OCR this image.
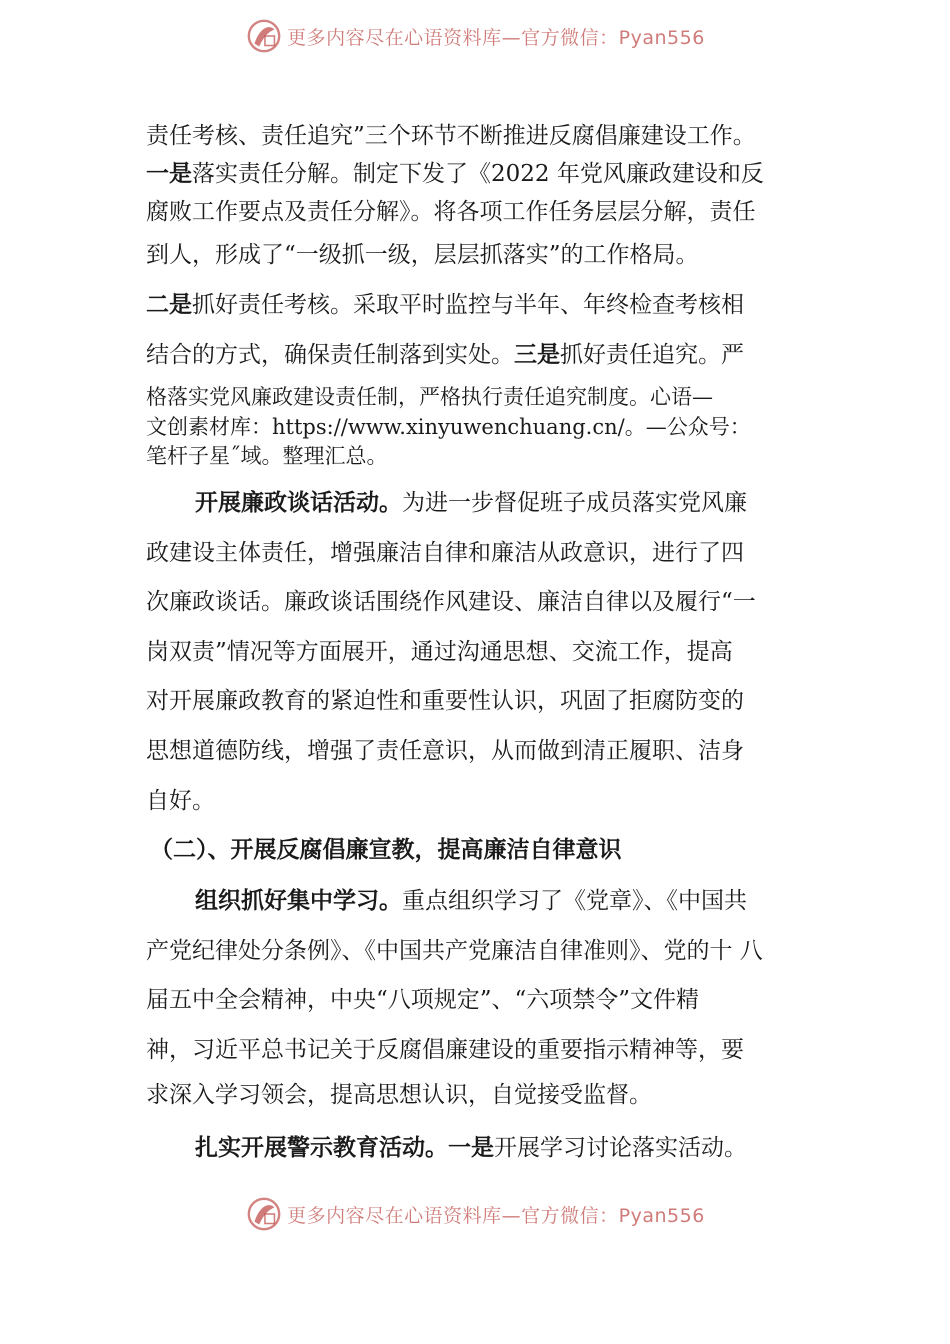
更多内容尽在心语资料库—官方微信：Pyan556
责任考核、责任追究”三个环节不断推进反腐倡廉建设工作。
一是落实责任分解。制定下发了《2022 年党风廉政建设和反
腐败工作要点及责任分解》。将各项工作任务层层分解，责任
到人，形成了“一级抓一级，层层抓落实”的工作格局。
二是抓好责任考核。采取平时监控与半年、年终检查考核相
结合的方式，确保责任制落到实处。三是抓好责任追究。严
格落实党风廉政建设责任制，严格执行责任追究制度。心语—
文创素材库：https://www.xinyuwenchuang.cn/。—公众号：
笔杆子星˝域。整理汇总。
开展廉政谈话活动。为进一步督促班子成员落实党风廉
政建设主体责任，增强廉洁自律和廉洁从政意识，进行了四
次廉政谈话。廉政谈话围绕作风建设、廉洁自律以及履行“一
岗双责”情况等方面展开，通过沟通思想、交流工作，提高
对开展廉政教育的紧迫性和重要性认识，巩固了拒腐防变的
思想道德防线，增强了责任意识，从而做到清正履职、洁身
自好。
（二）、开展反腐倡廉宣教，提高廉洁自律意识
组织抓好集中学习。重点组织学习了《党章》、《中国共
产党纪律处分条例》、《中国共产党廉洁自律准则》、党的十 八
届五中全会精神，中央“八项规定”、“六项禁令”文件精
神，习近平总书记关于反腐倡廉建设的重要指示精神等，要
求深入学习领会，提高思想认识，自觉接受监督。
扎实开展警示教育活动。一是开展学习讨论落实活动。
更多内容尽在心语资料库—官方微信：Pyan556
